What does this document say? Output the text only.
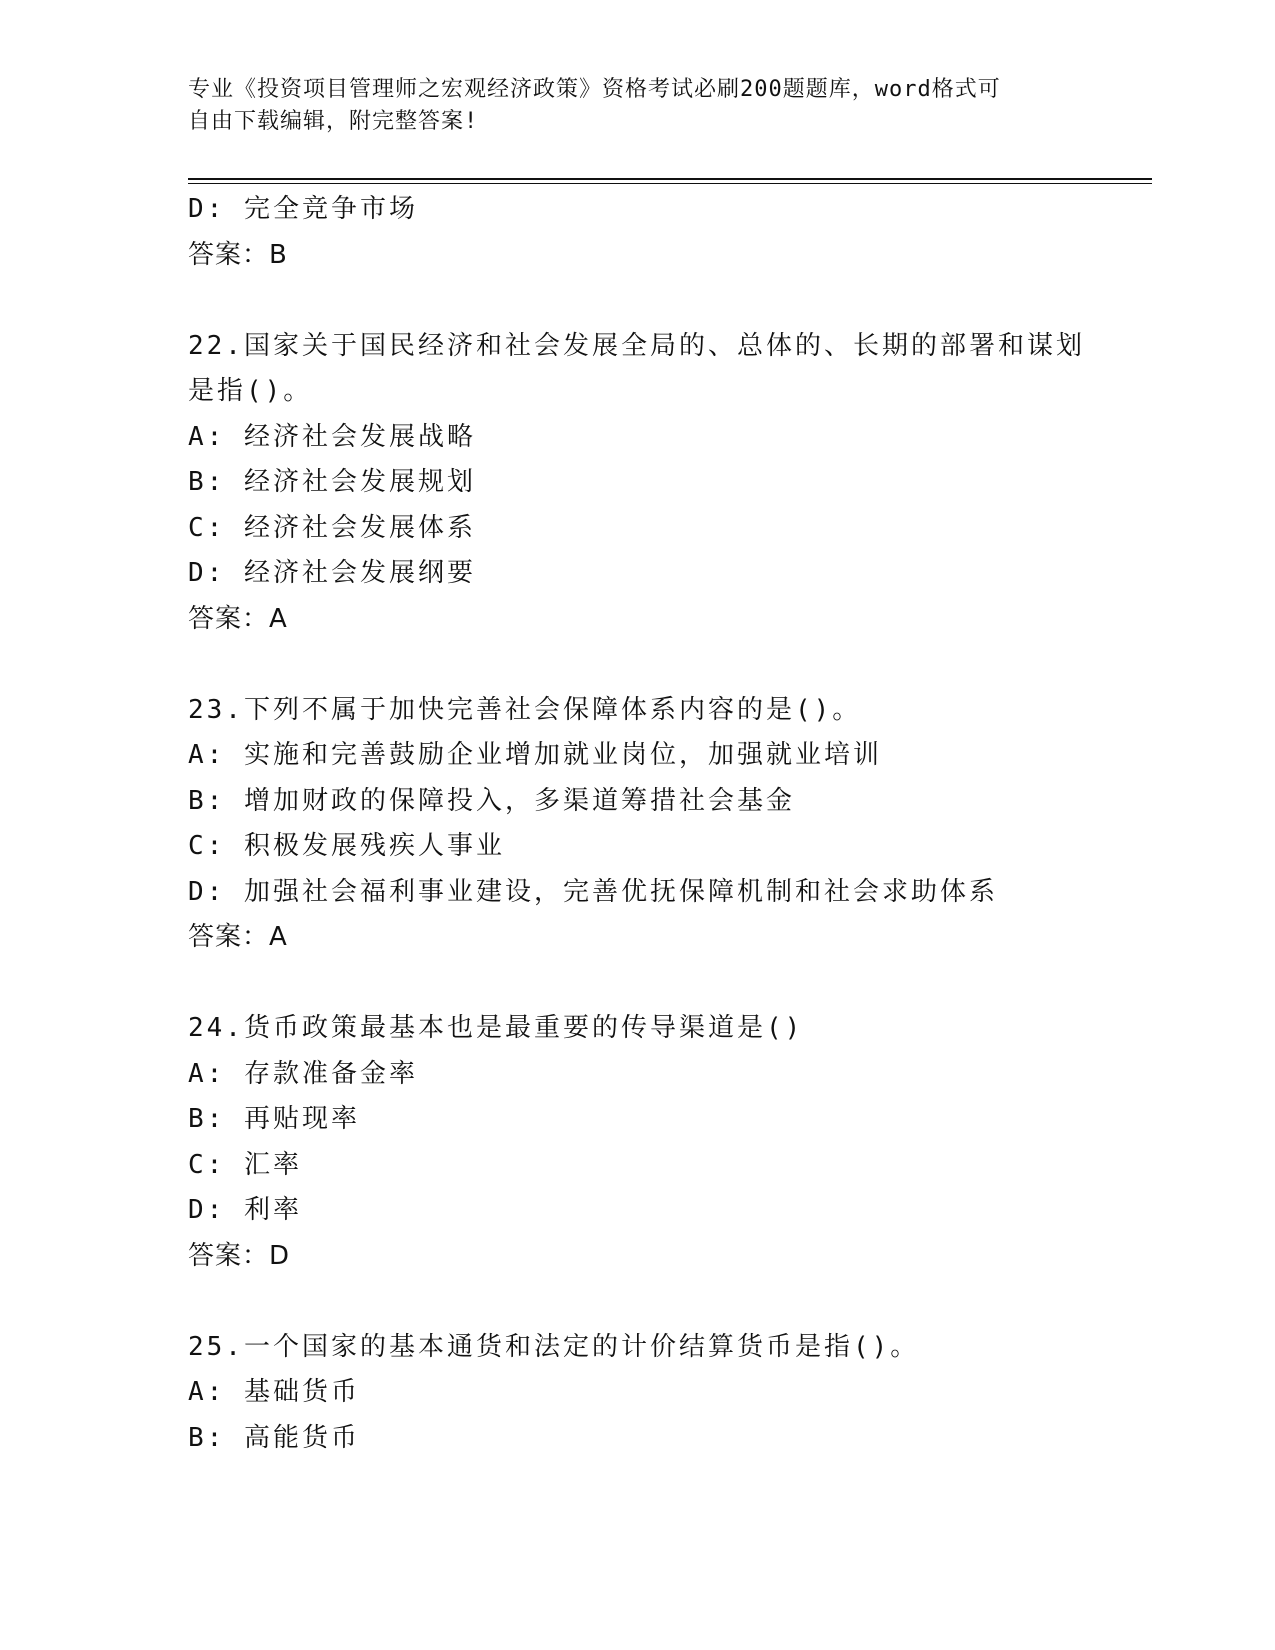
专业《投资项目管理师之宏观经济政策》资格考试必刷200题题库，word格式可
自由下载编辑，附完整答案!
D: 完全竞争市场
答案：B
22.国家关于国民经济和社会发展全局的、总体的、长期的部署和谋划
是指()。
A: 经济社会发展战略
B: 经济社会发展规划
C: 经济社会发展体系
D: 经济社会发展纲要
答案：A
23.下列不属于加快完善社会保障体系内容的是()。
A: 实施和完善鼓励企业增加就业岗位，加强就业培训
B: 增加财政的保障投入，多渠道筹措社会基金
C: 积极发展残疾人事业
D: 加强社会福利事业建设，完善优抚保障机制和社会求助体系
答案：A
24.货币政策最基本也是最重要的传导渠道是()
A: 存款准备金率
B: 再贴现率
C: 汇率
D: 利率
答案：D
25.一个国家的基本通货和法定的计价结算货币是指()。
A: 基础货币
B: 高能货币
